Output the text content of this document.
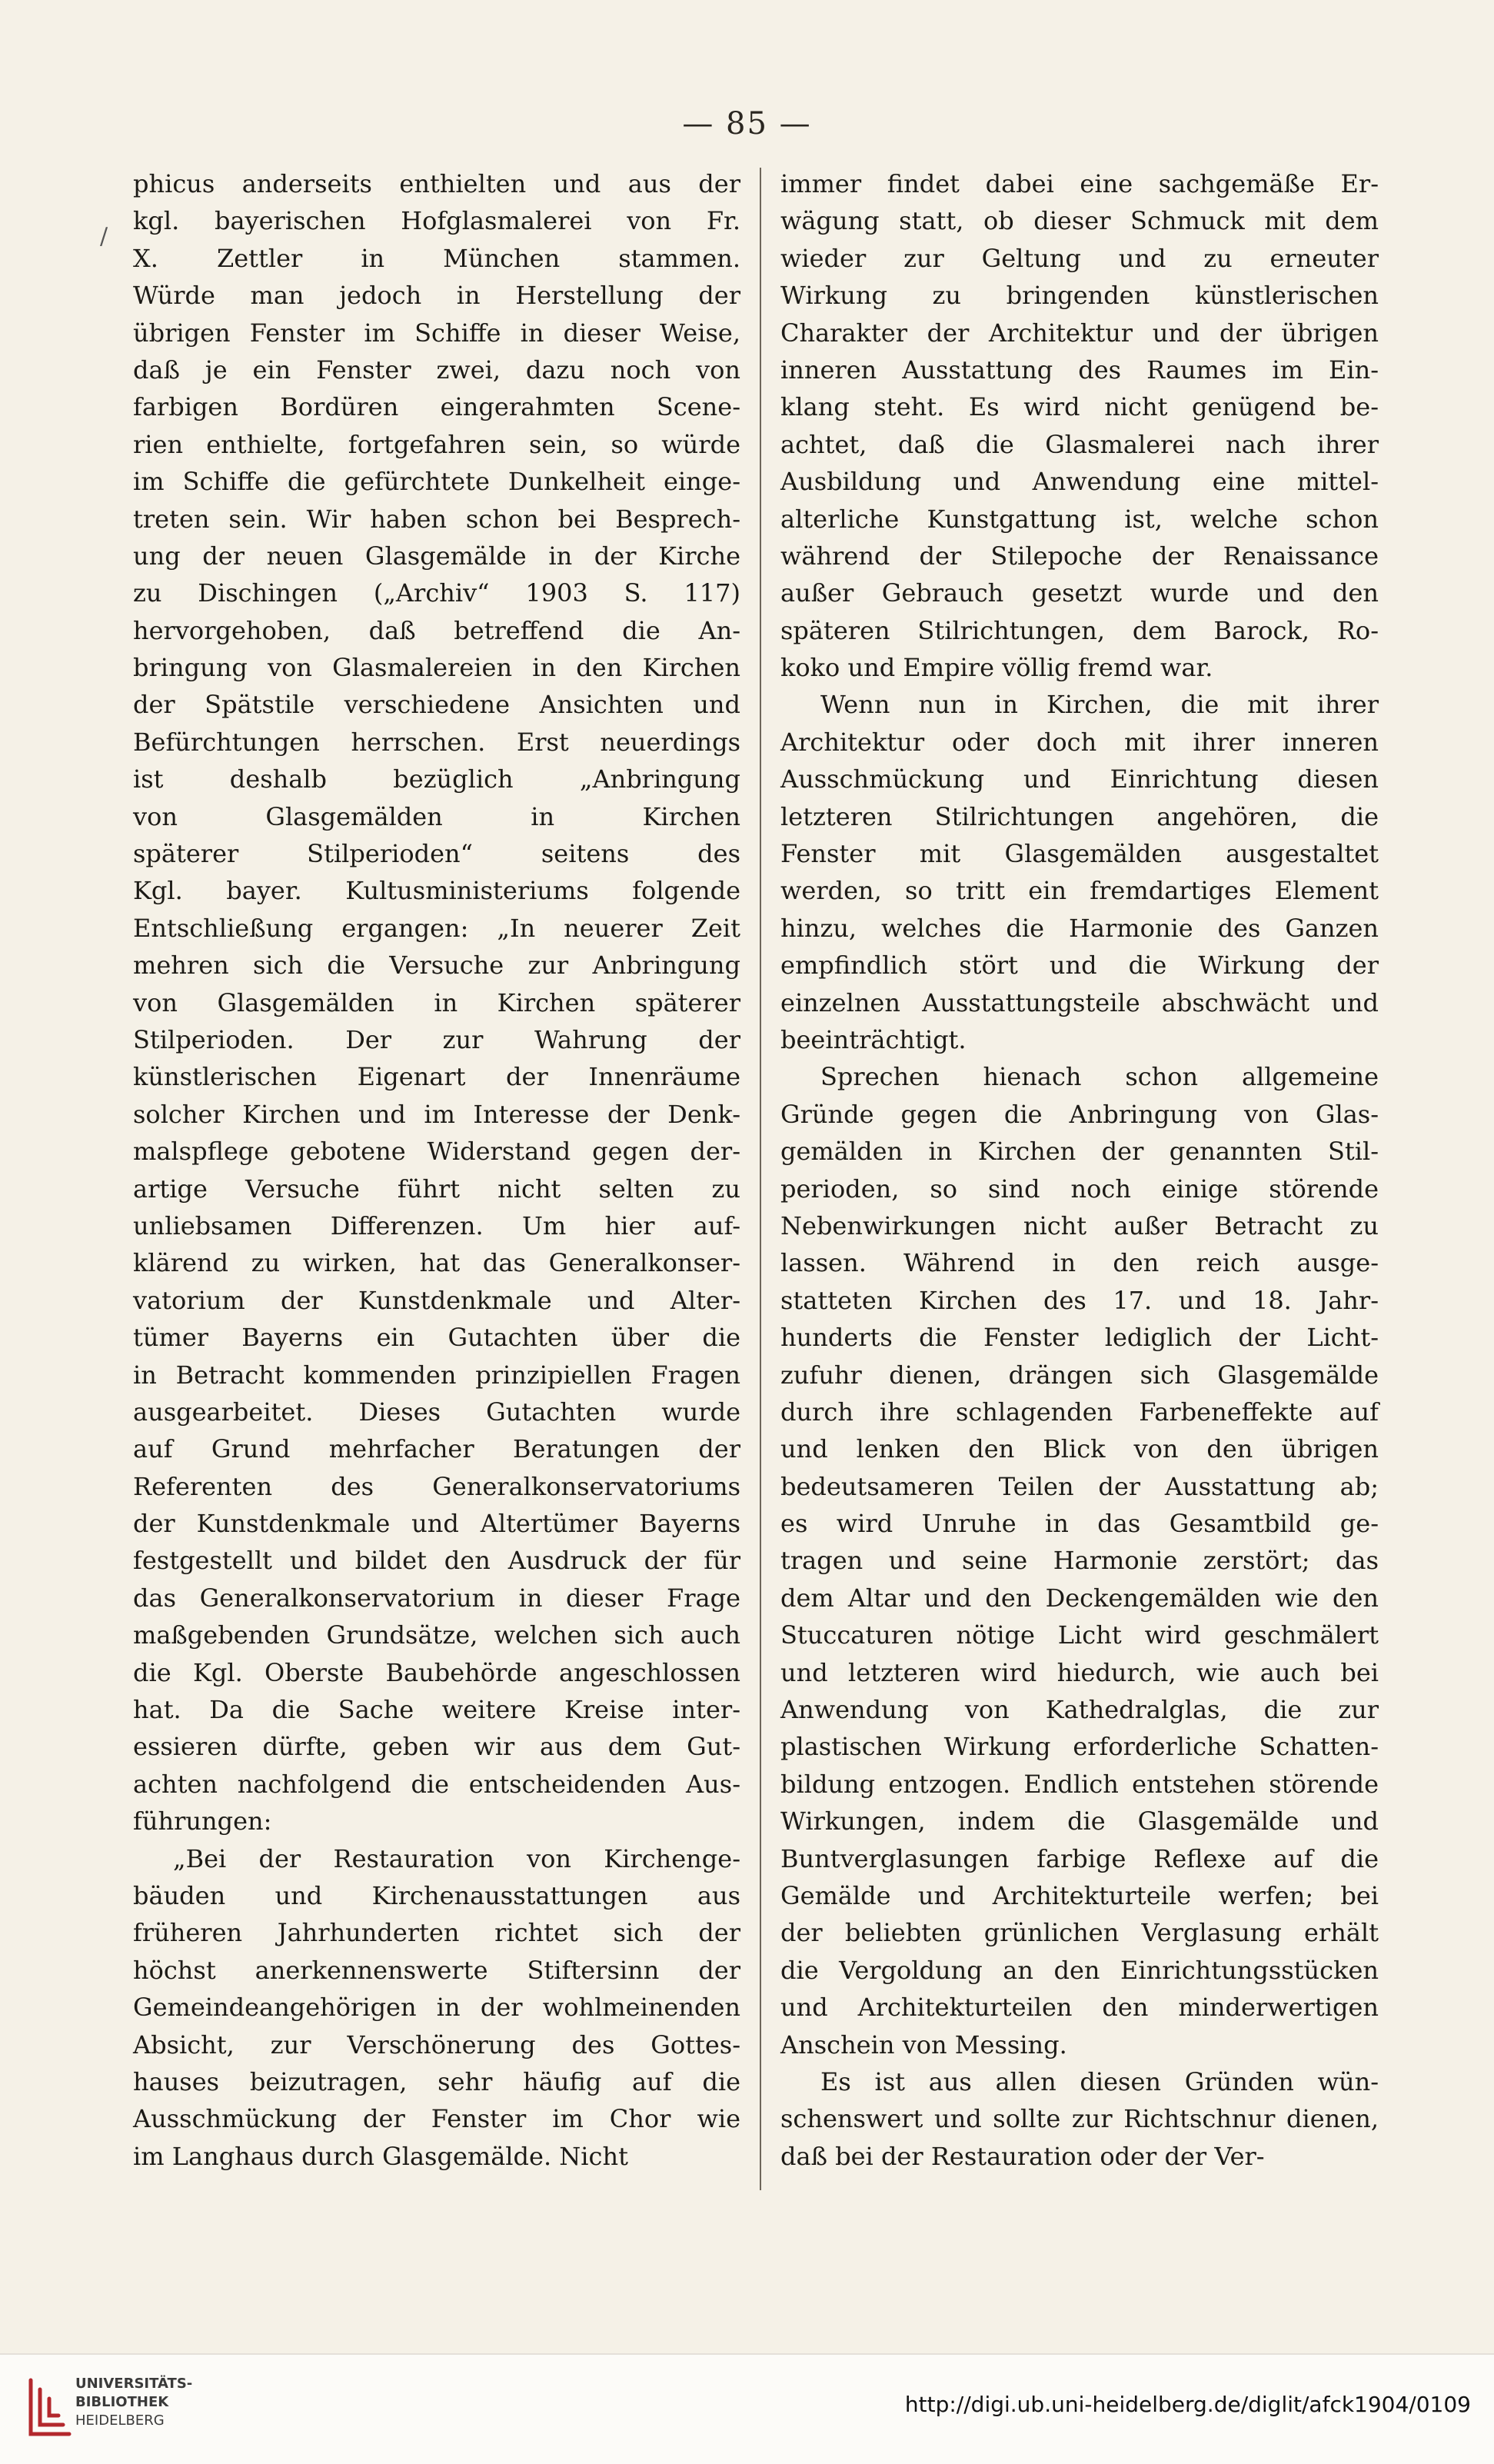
— 85 —
/
phicus anderseits enthielten und aus der
kgl. bayerischen Hofglasmalerei von Fr.
X. Zettler in München stammen.
Würde man jedoch in Herstellung der
übrigen Fenster im Schiffe in dieser Weise,
daß je ein Fenster zwei, dazu noch von
farbigen Bordüren eingerahmten Scene-
rien enthielte, fortgefahren sein, so würde
im Schiffe die gefürchtete Dunkelheit einge-
treten sein. Wir haben schon bei Besprech-
ung der neuen Glasgemälde in der Kirche
zu Dischingen („Archiv“ 1903 S. 117)
hervorgehoben, daß betreffend die An-
bringung von Glasmalereien in den Kirchen
der Spätstile verschiedene Ansichten und
Befürchtungen herrschen. Erst neuerdings
ist deshalb bezüglich „Anbringung
von Glasgemälden in Kirchen
späterer Stilperioden“ seitens des
Kgl. bayer. Kultusministeriums folgende
Entschließung ergangen: „In neuerer Zeit
mehren sich die Versuche zur Anbringung
von Glasgemälden in Kirchen späterer
Stilperioden. Der zur Wahrung der
künstlerischen Eigenart der Innenräume
solcher Kirchen und im Interesse der Denk-
malspflege gebotene Widerstand gegen der-
artige Versuche führt nicht selten zu
unliebsamen Differenzen. Um hier auf-
klärend zu wirken, hat das Generalkonser-
vatorium der Kunstdenkmale und Alter-
tümer Bayerns ein Gutachten über die
in Betracht kommenden prinzipiellen Fragen
ausgearbeitet. Dieses Gutachten wurde
auf Grund mehrfacher Beratungen der
Referenten des Generalkonservatoriums
der Kunstdenkmale und Altertümer Bayerns
festgestellt und bildet den Ausdruck der für
das Generalkonservatorium in dieser Frage
maßgebenden Grundsätze, welchen sich auch
die Kgl. Oberste Baubehörde angeschlossen
hat. Da die Sache weitere Kreise inter-
essieren dürfte, geben wir aus dem Gut-
achten nachfolgend die entscheidenden Aus-
führungen:
„Bei der Restauration von Kirchenge-
bäuden und Kirchenausstattungen aus
früheren Jahrhunderten richtet sich der
höchst anerkennenswerte Stiftersinn der
Gemeindeangehörigen in der wohlmeinenden
Absicht, zur Verschönerung des Gottes-
hauses beizutragen, sehr häufig auf die
Ausschmückung der Fenster im Chor wie
im Langhaus durch Glasgemälde. Nicht
immer findet dabei eine sachgemäße Er-
wägung statt, ob dieser Schmuck mit dem
wieder zur Geltung und zu erneuter
Wirkung zu bringenden künstlerischen
Charakter der Architektur und der übrigen
inneren Ausstattung des Raumes im Ein-
klang steht. Es wird nicht genügend be-
achtet, daß die Glasmalerei nach ihrer
Ausbildung und Anwendung eine mittel-
alterliche Kunstgattung ist, welche schon
während der Stilepoche der Renaissance
außer Gebrauch gesetzt wurde und den
späteren Stilrichtungen, dem Barock, Ro-
koko und Empire völlig fremd war.
Wenn nun in Kirchen, die mit ihrer
Architektur oder doch mit ihrer inneren
Ausschmückung und Einrichtung diesen
letzteren Stilrichtungen angehören, die
Fenster mit Glasgemälden ausgestaltet
werden, so tritt ein fremdartiges Element
hinzu, welches die Harmonie des Ganzen
empfindlich stört und die Wirkung der
einzelnen Ausstattungsteile abschwächt und
beeinträchtigt.
Sprechen hienach schon allgemeine
Gründe gegen die Anbringung von Glas-
gemälden in Kirchen der genannten Stil-
perioden, so sind noch einige störende
Nebenwirkungen nicht außer Betracht zu
lassen. Während in den reich ausge-
statteten Kirchen des 17. und 18. Jahr-
hunderts die Fenster lediglich der Licht-
zufuhr dienen, drängen sich Glasgemälde
durch ihre schlagenden Farbeneffekte auf
und lenken den Blick von den übrigen
bedeutsameren Teilen der Ausstattung ab;
es wird Unruhe in das Gesamtbild ge-
tragen und seine Harmonie zerstört; das
dem Altar und den Deckengemälden wie den
Stuccaturen nötige Licht wird geschmälert
und letzteren wird hiedurch, wie auch bei
Anwendung von Kathedralglas, die zur
plastischen Wirkung erforderliche Schatten-
bildung entzogen. Endlich entstehen störende
Wirkungen, indem die Glasgemälde und
Buntverglasungen farbige Reflexe auf die
Gemälde und Architekturteile werfen; bei
der beliebten grünlichen Verglasung erhält
die Vergoldung an den Einrichtungsstücken
und Architekturteilen den minderwertigen
Anschein von Messing.
Es ist aus allen diesen Gründen wün-
schenswert und sollte zur Richtschnur dienen,
daß bei der Restauration oder der Ver-
UNIVERSITÄTS-
BIBLIOTHEK
HEIDELBERG
http://digi.ub.uni-heidelberg.de/diglit/afck1904/0109
